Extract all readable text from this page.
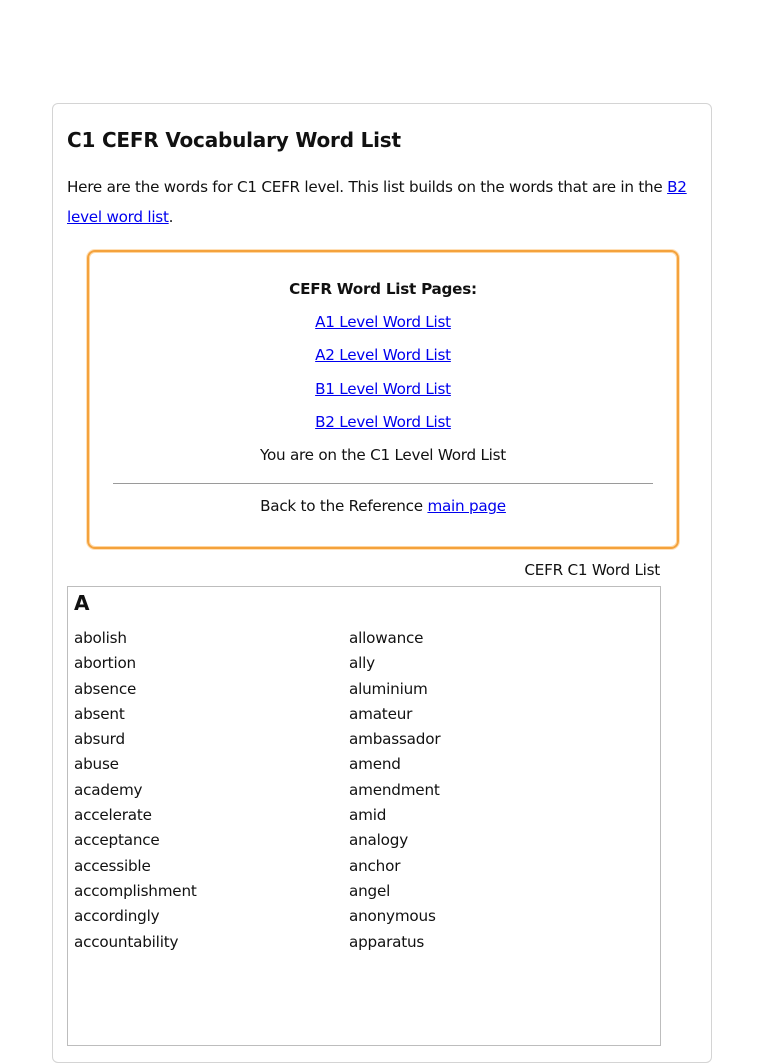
C1 CEFR Vocabulary Word List

Here are the words for C1 CEFR level. This list builds on the words that are in the B2 level word list.

CEFR Word List Pages:

A1 Level Word List
A2 Level Word List
B1 Level Word List
B2 Level Word List

You are on the C1 Level Word List

Back to the Reference main page

CEFR C1 Word List
A
abolish
abortion
absence
absent
absurd
abuse
academy
accelerate
acceptance
accessible
accomplishment
accordingly
accountability
allowance
ally
aluminium
amateur
ambassador
amend
amendment
amid
analogy
anchor
angel
anonymous
apparatus
